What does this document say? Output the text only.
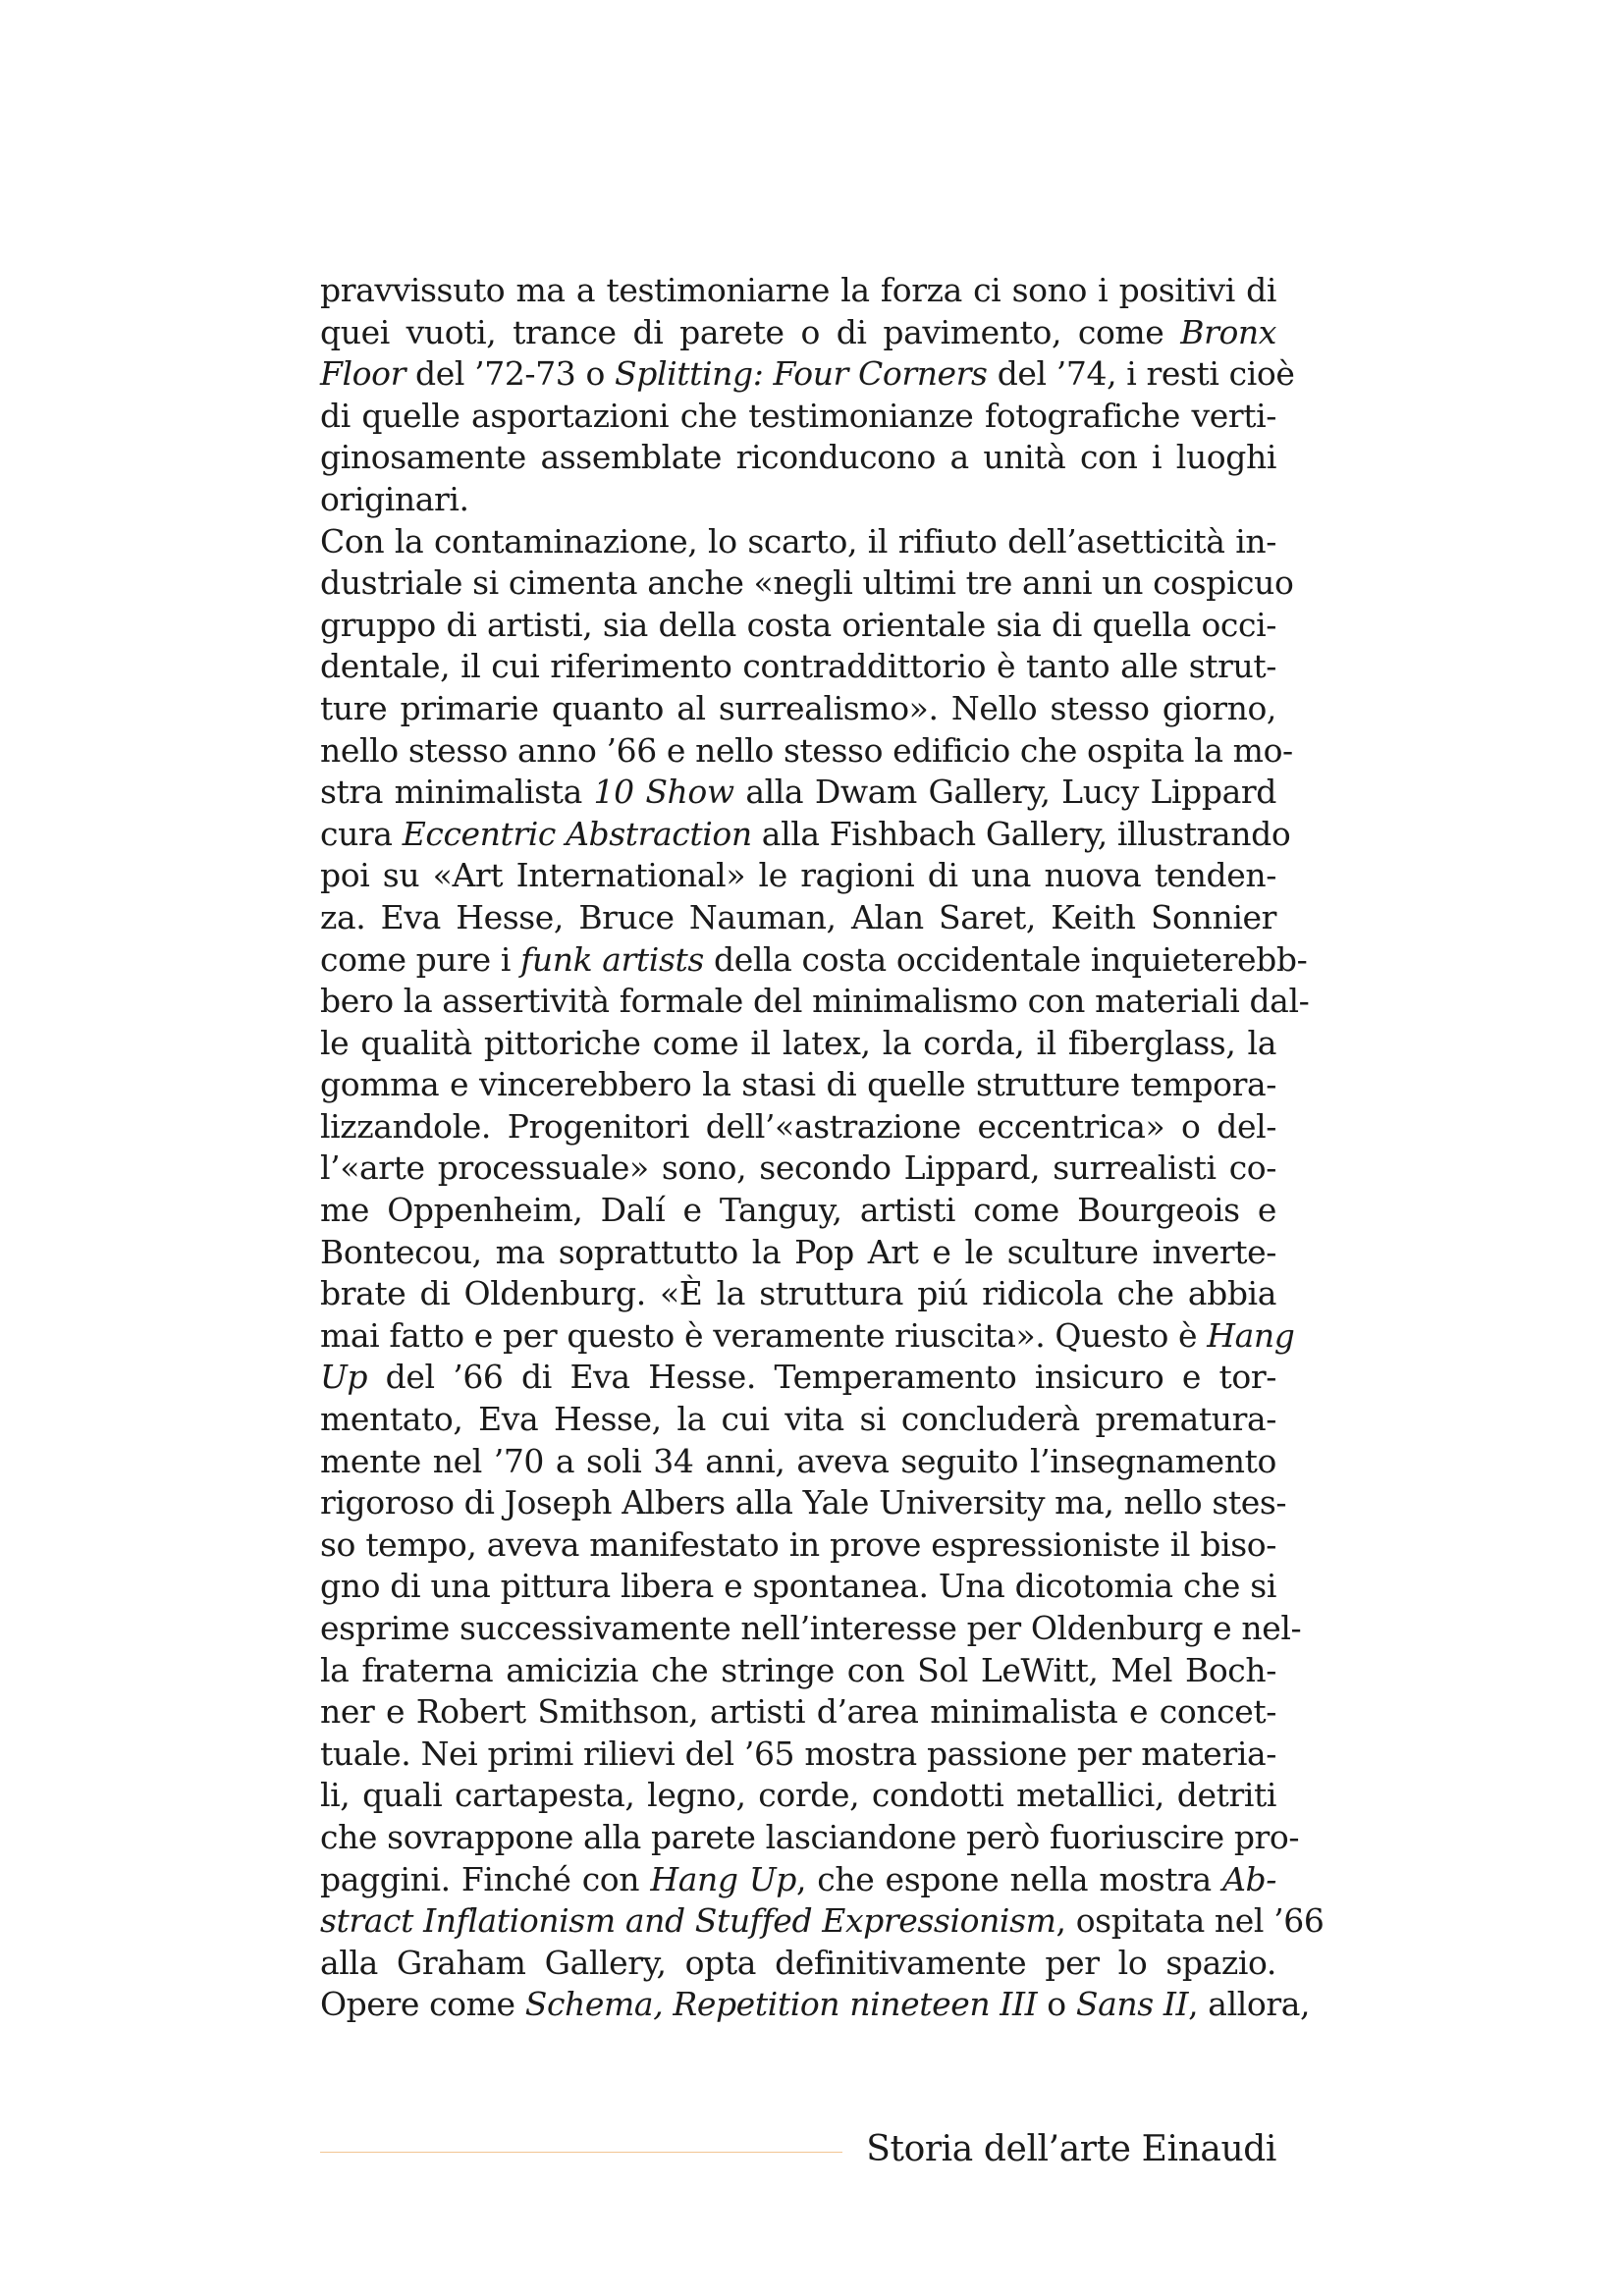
pravvissuto ma a testimoniarne la forza ci sono i positivi di
quei vuoti, trance di parete o di pavimento, come Bronx
Floor del ’72-73 o Splitting: Four Corners del ’74, i resti cioè
di quelle asportazioni che testimonianze fotografiche verti-
ginosamente assemblate riconducono a unità con i luoghi
originari.
Con la contaminazione, lo scarto, il rifiuto dell’asetticità in-
dustriale si cimenta anche «negli ultimi tre anni un cospicuo
gruppo di artisti, sia della costa orientale sia di quella occi-
dentale, il cui riferimento contraddittorio è tanto alle strut-
ture primarie quanto al surrealismo». Nello stesso giorno,
nello stesso anno ’66 e nello stesso edificio che ospita la mo-
stra minimalista 10 Show alla Dwam Gallery, Lucy Lippard
cura Eccentric Abstraction alla Fishbach Gallery, illustrando
poi su «Art International» le ragioni di una nuova tenden-
za. Eva Hesse, Bruce Nauman, Alan Saret, Keith Sonnier
come pure i funk artists della costa occidentale inquieterebb-
bero la assertività formale del minimalismo con materiali dal-
le qualità pittoriche come il latex, la corda, il fiberglass, la
gomma e vincerebbero la stasi di quelle strutture tempora-
lizzandole. Progenitori dell’«astrazione eccentrica» o del-
l’«arte processuale» sono, secondo Lippard, surrealisti co-
me Oppenheim, Dalí e Tanguy, artisti come Bourgeois e
Bontecou, ma soprattutto la Pop Art e le sculture inverte-
brate di Oldenburg. «È la struttura piú ridicola che abbia
mai fatto e per questo è veramente riuscita». Questo è Hang
Up del ’66 di Eva Hesse. Temperamento insicuro e tor-
mentato, Eva Hesse, la cui vita si concluderà prematura-
mente nel ’70 a soli 34 anni, aveva seguito l’insegnamento
rigoroso di Joseph Albers alla Yale University ma, nello stes-
so tempo, aveva manifestato in prove espressioniste il biso-
gno di una pittura libera e spontanea. Una dicotomia che si
esprime successivamente nell’interesse per Oldenburg e nel-
la fraterna amicizia che stringe con Sol LeWitt, Mel Boch-
ner e Robert Smithson, artisti d’area minimalista e concet-
tuale. Nei primi rilievi del ’65 mostra passione per materia-
li, quali cartapesta, legno, corde, condotti metallici, detriti
che sovrappone alla parete lasciandone però fuoriuscire pro-
paggini. Finché con Hang Up, che espone nella mostra Ab-
stract Inflationism and Stuffed Expressionism, ospitata nel ’66
alla Graham Gallery, opta definitivamente per lo spazio.
Opere come Schema, Repetition nineteen III o Sans II, allora,
Storia dell’arte Einaudi
